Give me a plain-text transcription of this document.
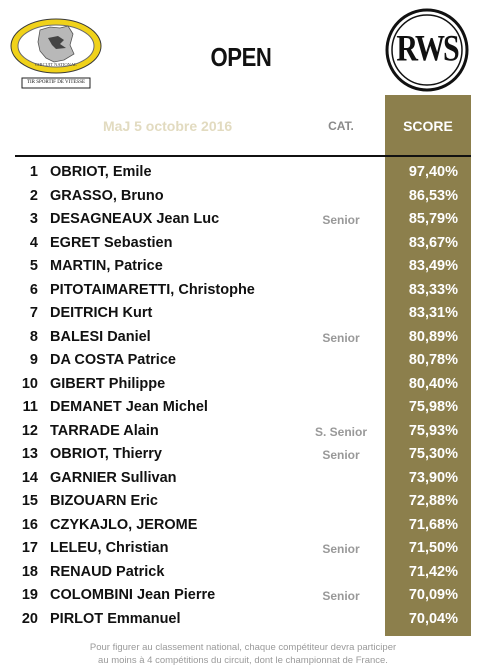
CIRCUIT NATIONAL
TIR SPORTIF DE VITESSE
RWS
OPEN
MaJ 5 octobre 2016	CAT.	SCORE
1 OBRIOT, Emile	97,40%
2 GRASSO, Bruno	86,53%
3 DESAGNEAUX Jean Luc	Senior	85,79%
4 EGRET Sebastien	83,67%
5 MARTIN, Patrice	83,49%
6 PITOTAIMARETTI, Christophe	83,33%
7 DEITRICH Kurt	83,31%
8 BALESI Daniel	Senior	80,89%
9 DA COSTA Patrice	80,78%
10 GIBERT Philippe	80,40%
11 DEMANET Jean Michel	75,98%
12 TARRADE Alain	S. Senior	75,93%
13 OBRIOT, Thierry	Senior	75,30%
14 GARNIER Sullivan	73,90%
15 BIZOUARN Eric	72,88%
16 CZYKAJLO, JEROME	71,68%
17 LELEU, Christian	Senior	71,50%
18 RENAUD Patrick	71,42%
19 COLOMBINI Jean Pierre	Senior	70,09%
20 PIRLOT Emmanuel	70,04%
Pour figurer au classement national, chaque compétiteur devra participer
au moins à 4 compétitions du circuit, dont le championnat de France.
